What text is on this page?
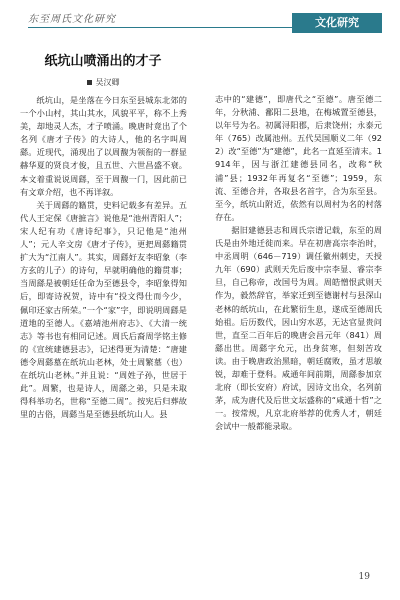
东至周氏文化研究	文化研究
纸坑山喷涌出的才子
吴汉卿

纸坑山，是坐落在今日东至县城东北郊的一个小山村，其山其水，风貌平平，称不上秀美，却地灵人杰，才子喷涌。晚唐时竟出了个名列《唐才子传》的大诗人，他的名字叫周繇。近现代，涌现出了以周馥为领衔的一群显赫华夏的贤良才俊，且五世、六世昌盛不衰。本文着重说说周繇，至于周馥一门，因此前已有文章介绍，也不再详叙。

关于周繇的籍贯，史料记载多有差异。五代人王定保《唐摭言》说他是“池州青阳人”；宋人纪有功《唐诗纪事》，只记他是“池州人”；元人辛文房《唐才子传》，更把周繇籍贯扩大为“江南人”。其实，周繇好友李昭象（李方玄的儿子）的诗句，早就明确他的籍贯事；当周繇是被朝廷任命为至德县令，李昭象得知后，即寄诗祝贺，诗中有“投文得仕而今少，佩印还家古所荣。”一个“家”字，即说明周繇是道地的至德人。《嘉靖池州府志》、《大清一统志》等书也有相同记述。周氏后裔周学铭主修的《宣统建德县志》，记述得更为清楚：“唐建德令周繇墓在纸坑山老林，处士周繁墓（也）在纸坑山老林。”并且说：“周姓子孙，世居于此”。周繁，也是诗人，周繇之弟，只是未取得科举功名，世称“至德二周”。按宪后归葬故里的古俗，周繇当是至德县纸坑山人。县

志中的“建德”，即唐代之“至德”。唐至德二年，分秋浦、鄱阳二县地，在梅城置至德县，以年号为名。初属浔阳郡，后隶饶州；永泰元年（765）改属池州。五代吴国顺义二年（922）改“至德”为“建德”，此名一直延至清末。1914年，因与浙江建德县同名，改称“秋浦”县；1932年再复名“至德”；1959，东流、至德合并，各取县名首字，合为东至县。至今，纸坑山附近，依然有以周村为名的村落存在。

据旧建德县志和周氏宗谱记载，东至的周氏是由外地迁徙而来。早在初唐高宗李治时，中丞周明（646－719）调任徽州刺史，天授九年（690）武则天先后废中宗李显、睿宗李旦，自己称帝，改国号为周。周皓憎恨武则天作为，毅然辞官，举家迁到至德谢村与县深山老林的纸坑山，在此繁衍生息，遂成至德周氏始祖。后历数代，因山穷水恶，无达官显贵问世，直至二百年后的晚唐会昌元年（841）周繇出世。周繇字允元，出身贫寒，但刻苦攻读。由于晚唐政治黑暗，朝廷腐败，虽才思敏锐，却难于登科。咸通年间前期，周繇参加京北府（即长安府）府试，因诗文出众，名列前茅，成为唐代及后世文坛盛称的“咸通十哲”之一。按常规，凡京北府举荐的优秀人才，朝廷会试中一般都能录取。

19
